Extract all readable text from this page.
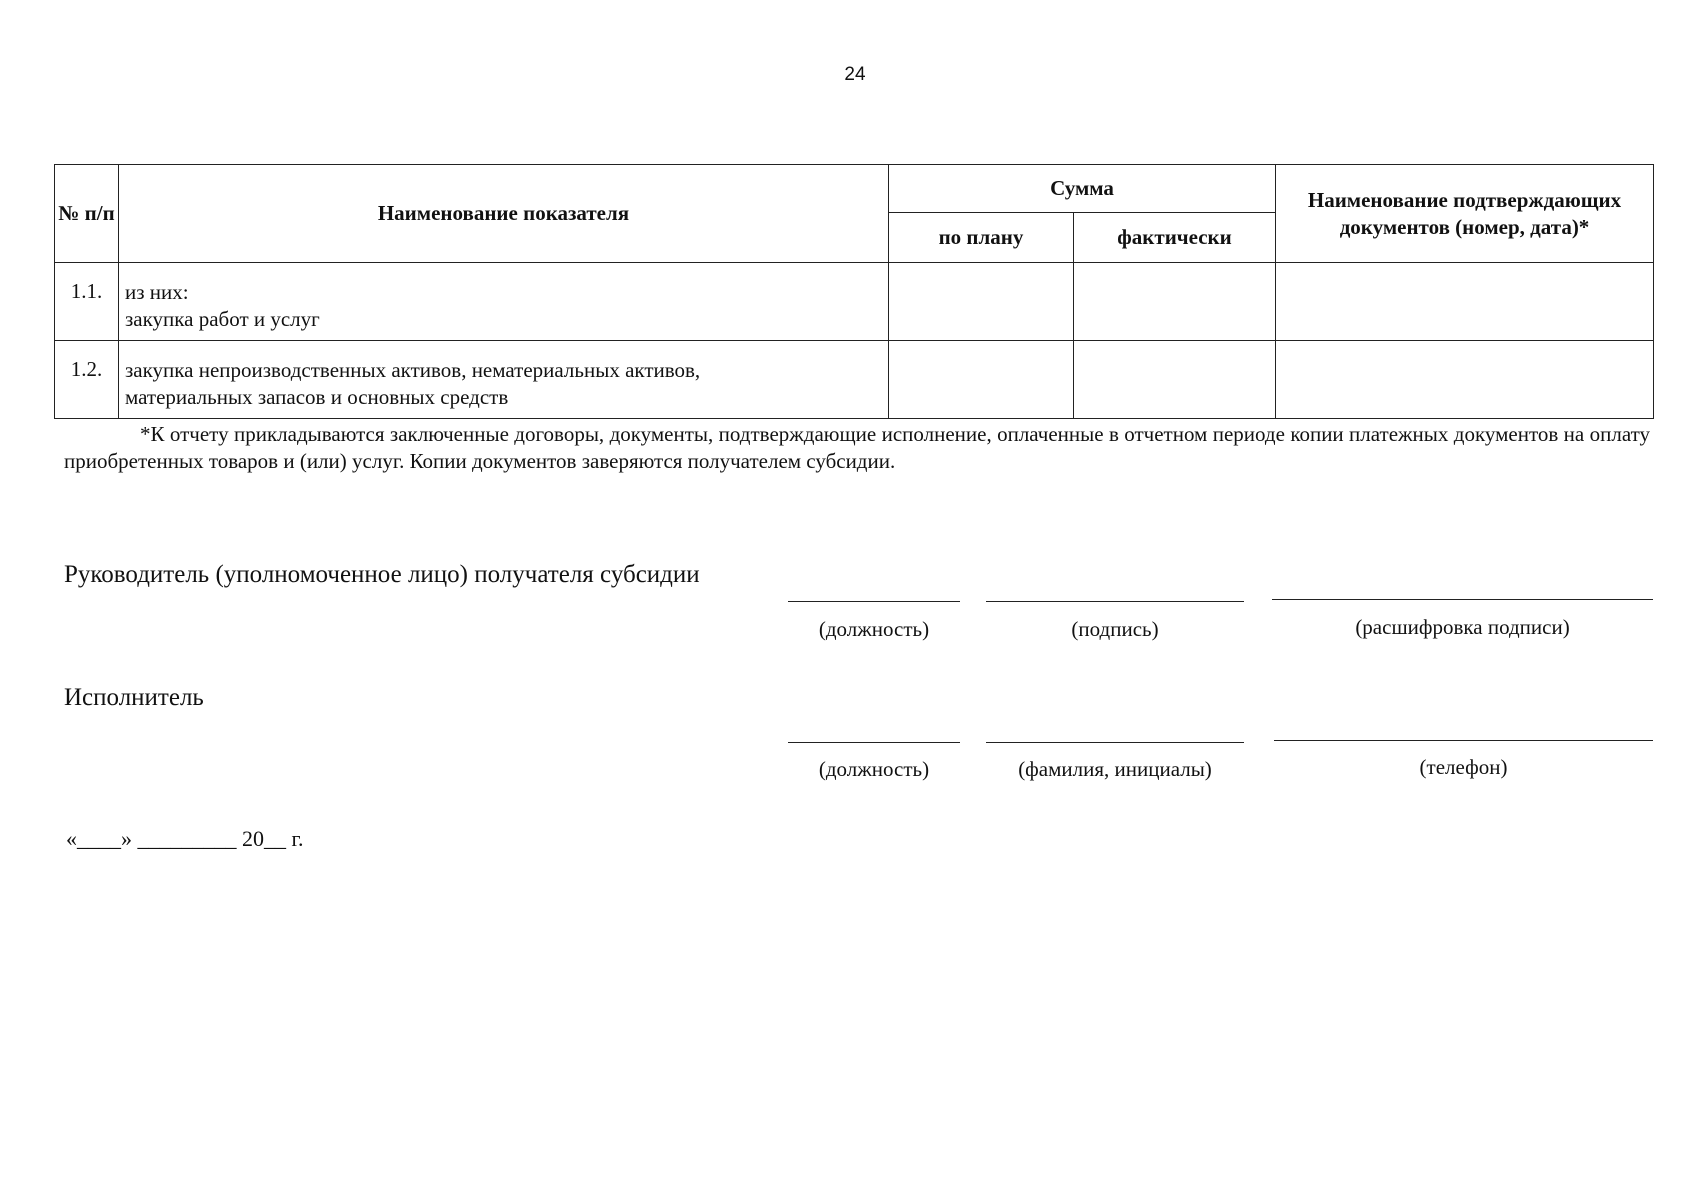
24
№ п/п	Наименование показателя	Сумма		Наименование подтверждающих документов (номер, дата)*
		по плану	фактически	
1.1.	из них:
закупка работ и услуг			

1.2.	закупка непроизводственных активов, нематериальных активов,
материальных запасов и основных средств			

*К отчету прикладываются заключенные договоры, документы, подтверждающие исполнение, оплаченные в отчетном периоде копии платежных документов на оплату приобретенных товаров и (или) услуг. Копии документов заверяются получателем субсидии.
Руководитель (уполномоченное лицо) получателя субсидии
(должность)	(подпись)	(расшифровка подписи)
Исполнитель
(должность)	(фамилия, инициалы)	(телефон)
«____» _________ 20__ г.
